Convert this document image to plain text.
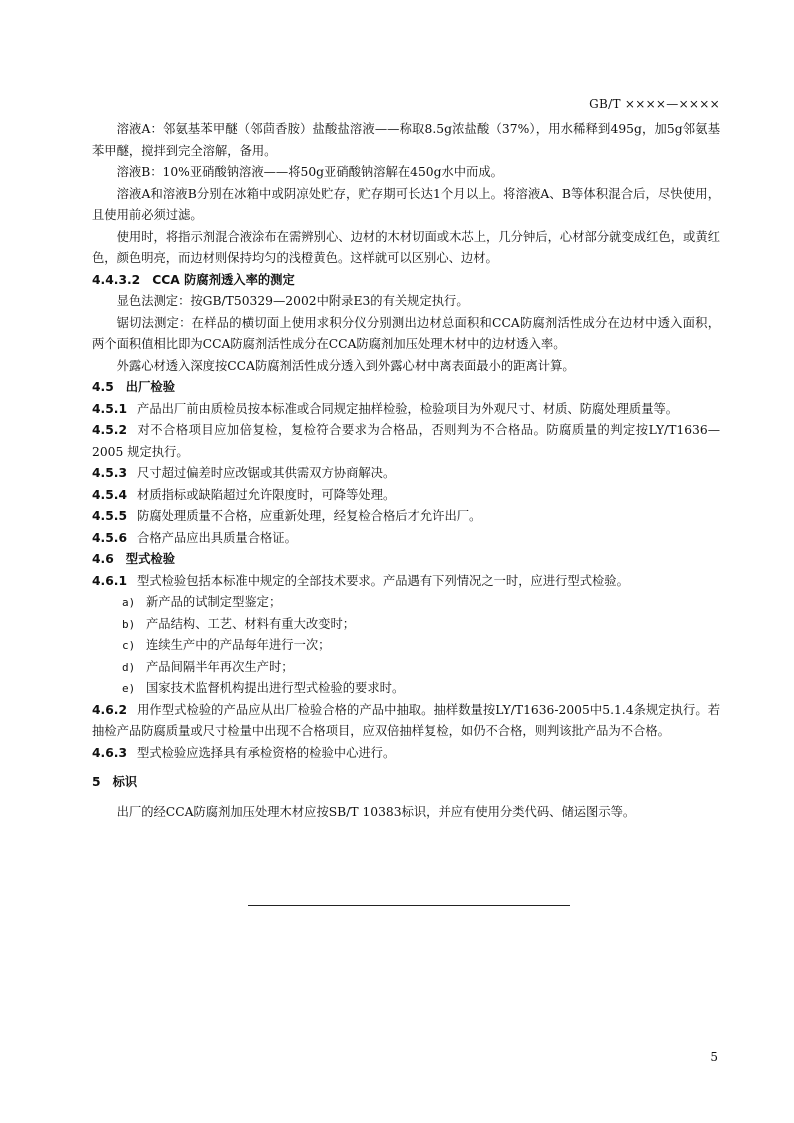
GB/T ××××—××××

溶液A：邻氨基苯甲醚（邻茴香胺）盐酸盐溶液——称取8.5g浓盐酸（37%），用水稀释到495g，加5g邻氨基苯甲醚，搅拌到完全溶解，备用。

溶液B：10%亚硝酸钠溶液——将50g亚硝酸钠溶解在450g水中而成。

溶液A和溶液B分别在冰箱中或阴凉处贮存，贮存期可长达1个月以上。将溶液A、B等体积混合后，尽快使用，且使用前必须过滤。

使用时，将指示剂混合液涂布在需辨别心、边材的木材切面或木芯上，几分钟后，心材部分就变成红色，或黄红色，颜色明亮，而边材则保持均匀的浅橙黄色。这样就可以区别心、边材。

4.4.3.2 CCA 防腐剂透入率的测定

显色法测定：按GB/T50329—2002中附录E3的有关规定执行。

锯切法测定：在样品的横切面上使用求积分仪分别测出边材总面积和CCA防腐剂活性成分在边材中透入面积，两个面积值相比即为CCA防腐剂活性成分在CCA防腐剂加压处理木材中的边材透入率。

外露心材透入深度按CCA防腐剂活性成分透入到外露心材中离表面最小的距离计算。

4.5 出厂检验

4.5.1 产品出厂前由质检员按本标准或合同规定抽样检验，检验项目为外观尺寸、材质、防腐处理质量等。

4.5.2 对不合格项目应加倍复检，复检符合要求为合格品，否则判为不合格品。防腐质量的判定按LY/T1636—2005 规定执行。

4.5.3 尺寸超过偏差时应改锯或其供需双方协商解决。

4.5.4 材质指标或缺陷超过允许限度时，可降等处理。

4.5.5 防腐处理质量不合格，应重新处理，经复检合格后才允许出厂。

4.5.6 合格产品应出具质量合格证。

4.6 型式检验

4.6.1 型式检验包括本标准中规定的全部技术要求。产品遇有下列情况之一时，应进行型式检验。

a) 新产品的试制定型鉴定；

b) 产品结构、工艺、材料有重大改变时；

c) 连续生产中的产品每年进行一次；

d) 产品间隔半年再次生产时；

e) 国家技术监督机构提出进行型式检验的要求时。

4.6.2 用作型式检验的产品应从出厂检验合格的产品中抽取。抽样数量按LY/T1636-2005中5.1.4条规定执行。若抽检产品防腐质量或尺寸检量中出现不合格项目，应双倍抽样复检，如仍不合格，则判该批产品为不合格。

4.6.3 型式检验应选择具有承检资格的检验中心进行。

5 标识

出厂的经CCA防腐剂加压处理木材应按SB/T 10383标识，并应有使用分类代码、储运图示等。

5
